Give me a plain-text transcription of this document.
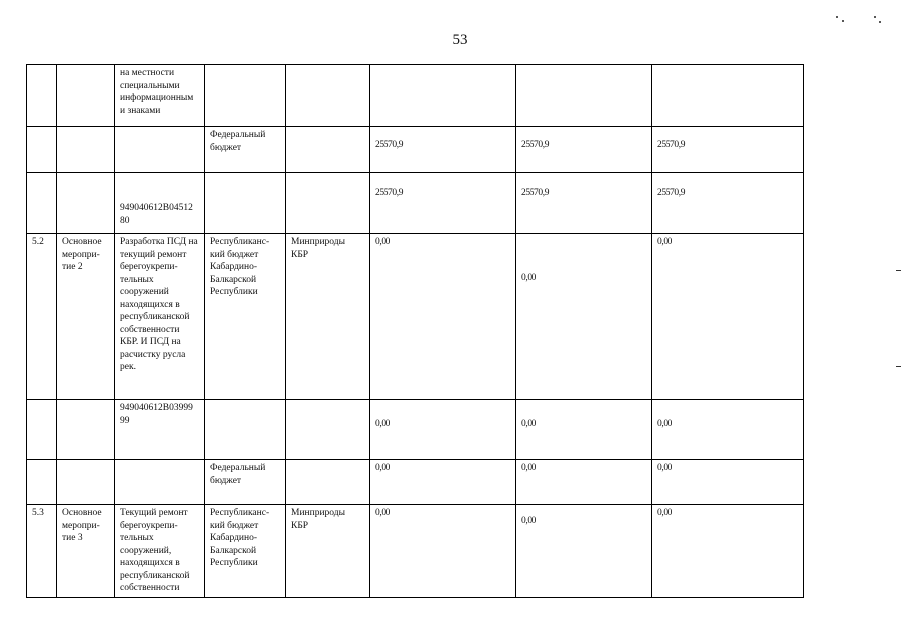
53
		на местности специальными информационным и знаками					
			Федеральный бюджет		25570,9	25570,9	25570,9
		949040612В04512 80			25570,9	25570,9	25570,9
5.2	Основное меропри-тие 2	Разработка ПСД на текущий ремонт берегоукрепи-тельных сооружений находящихся в республиканской собственности КБР. И ПСД на расчистку русла рек.	Республиканс-кий бюджет Кабардино-Балкарской Республики	Минприроды КБР	0,00	0,00	0,00
		949040612В03999 99			0,00	0,00	0,00
			Федеральный бюджет		0,00	0,00	0,00
5.3	Основное меропри-тие 3	Текущий ремонт берегоукрепи-тельных сооружений, находящихся в республиканской собственности	Республиканс-кий бюджет Кабардино-Балкарской Республики	Минприроды КБР	0,00	0,00	0,00
